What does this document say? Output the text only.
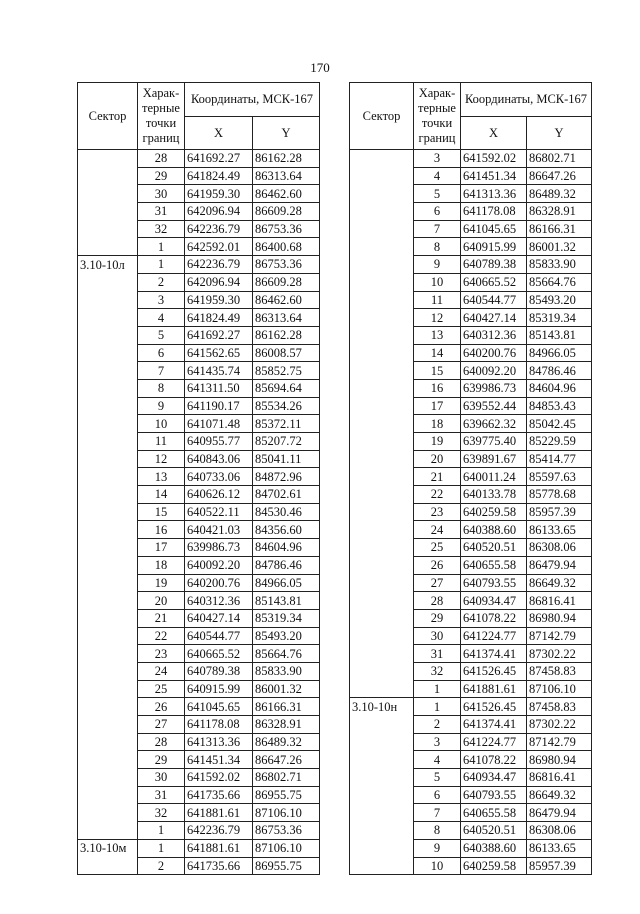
170
Сектор	Харак-терные точки границ	Координаты, МСК-167	
		X	Y
	28	641692.27	86162.28
	29	641824.49	86313.64
	30	641959.30	86462.60
	31	642096.94	86609.28
	32	642236.79	86753.36
	1	642592.01	86400.68
3.10-10л	1	642236.79	86753.36
	2	642096.94	86609.28
	3	641959.30	86462.60
	4	641824.49	86313.64
	5	641692.27	86162.28
	6	641562.65	86008.57
	7	641435.74	85852.75
	8	641311.50	85694.64
	9	641190.17	85534.26
	10	641071.48	85372.11
	11	640955.77	85207.72
	12	640843.06	85041.11
	13	640733.06	84872.96
	14	640626.12	84702.61
	15	640522.11	84530.46
	16	640421.03	84356.60
	17	639986.73	84604.96
	18	640092.20	84786.46
	19	640200.76	84966.05
	20	640312.36	85143.81
	21	640427.14	85319.34
	22	640544.77	85493.20
	23	640665.52	85664.76
	24	640789.38	85833.90
	25	640915.99	86001.32
	26	641045.65	86166.31
	27	641178.08	86328.91
	28	641313.36	86489.32
	29	641451.34	86647.26
	30	641592.02	86802.71
	31	641735.66	86955.75
	32	641881.61	87106.10
	1	642236.79	86753.36
3.10-10м	1	641881.61	87106.10
	2	641735.66	86955.75
Сектор	Харак-терные точки границ	Координаты, МСК-167	
		X	Y
	3	641592.02	86802.71
	4	641451.34	86647.26
	5	641313.36	86489.32
	6	641178.08	86328.91
	7	641045.65	86166.31
	8	640915.99	86001.32
	9	640789.38	85833.90
	10	640665.52	85664.76
	11	640544.77	85493.20
	12	640427.14	85319.34
	13	640312.36	85143.81
	14	640200.76	84966.05
	15	640092.20	84786.46
	16	639986.73	84604.96
	17	639552.44	84853.43
	18	639662.32	85042.45
	19	639775.40	85229.59
	20	639891.67	85414.77
	21	640011.24	85597.63
	22	640133.78	85778.68
	23	640259.58	85957.39
	24	640388.60	86133.65
	25	640520.51	86308.06
	26	640655.58	86479.94
	27	640793.55	86649.32
	28	640934.47	86816.41
	29	641078.22	86980.94
	30	641224.77	87142.79
	31	641374.41	87302.22
	32	641526.45	87458.83
	1	641881.61	87106.10
3.10-10н	1	641526.45	87458.83
	2	641374.41	87302.22
	3	641224.77	87142.79
	4	641078.22	86980.94
	5	640934.47	86816.41
	6	640793.55	86649.32
	7	640655.58	86479.94
	8	640520.51	86308.06
	9	640388.60	86133.65
	10	640259.58	85957.39
